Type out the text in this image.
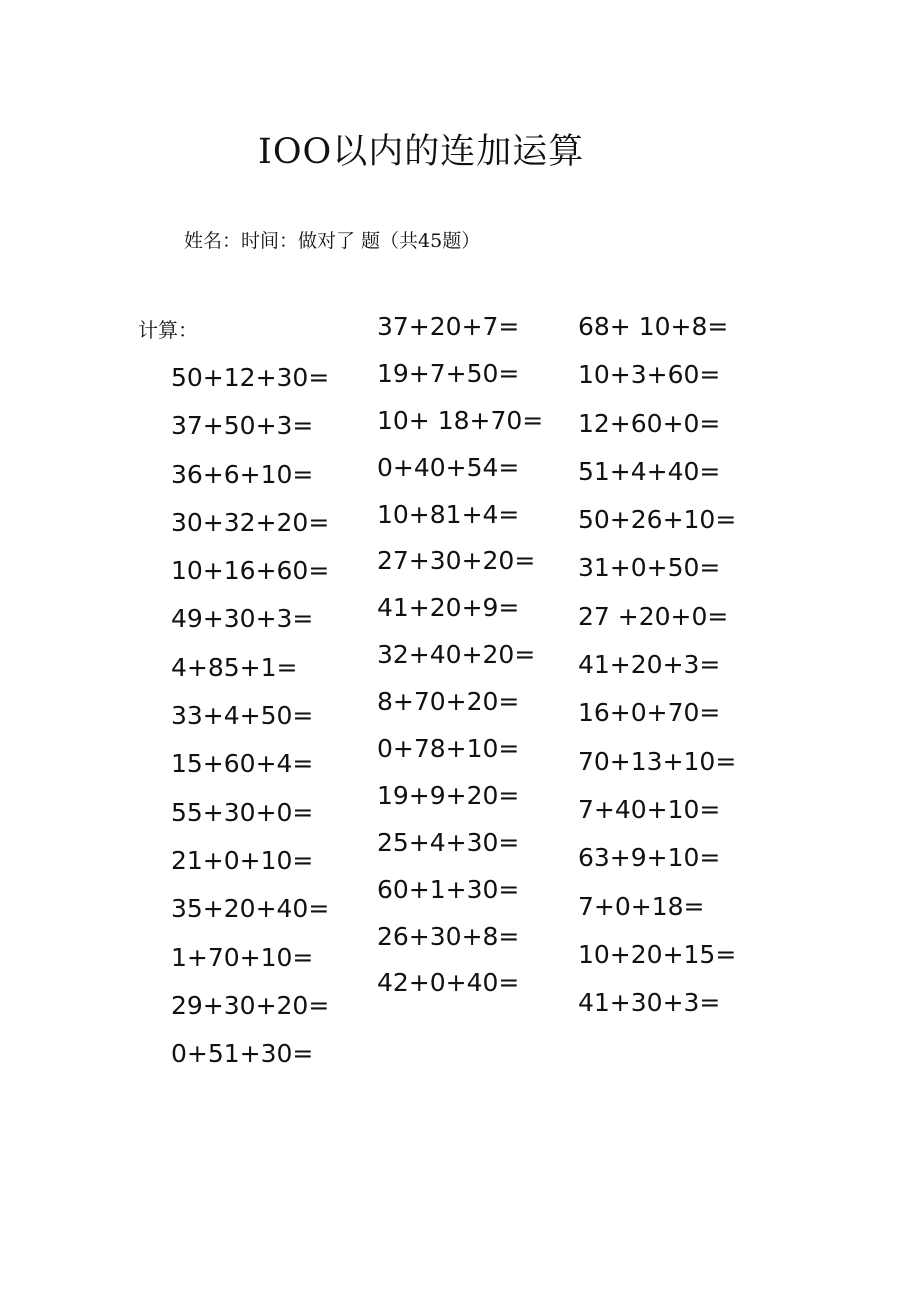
IOO以内的连加运算
姓名：时间：做对了 题（共45题）
计算：
50+12+30=
37+50+3=
36+6+10=
30+32+20=
10+16+60=
49+30+3=
4+85+1=
33+4+50=
15+60+4=
55+30+0=
21+0+10=
35+20+40=
1+70+10=
29+30+20=
0+51+30=
37+20+7=
19+7+50=
10+ 18+70=
0+40+54=
10+81+4=
27+30+20=
41+20+9=
32+40+20=
8+70+20=
0+78+10=
19+9+20=
25+4+30=
60+1+30=
26+30+8=
42+0+40=
68+ 10+8=
10+3+60=
12+60+0=
51+4+40=
50+26+10=
31+0+50=
27 +20+0=
41+20+3=
16+0+70=
70+13+10=
7+40+10=
63+9+10=
7+0+18=
10+20+15=
41+30+3=
